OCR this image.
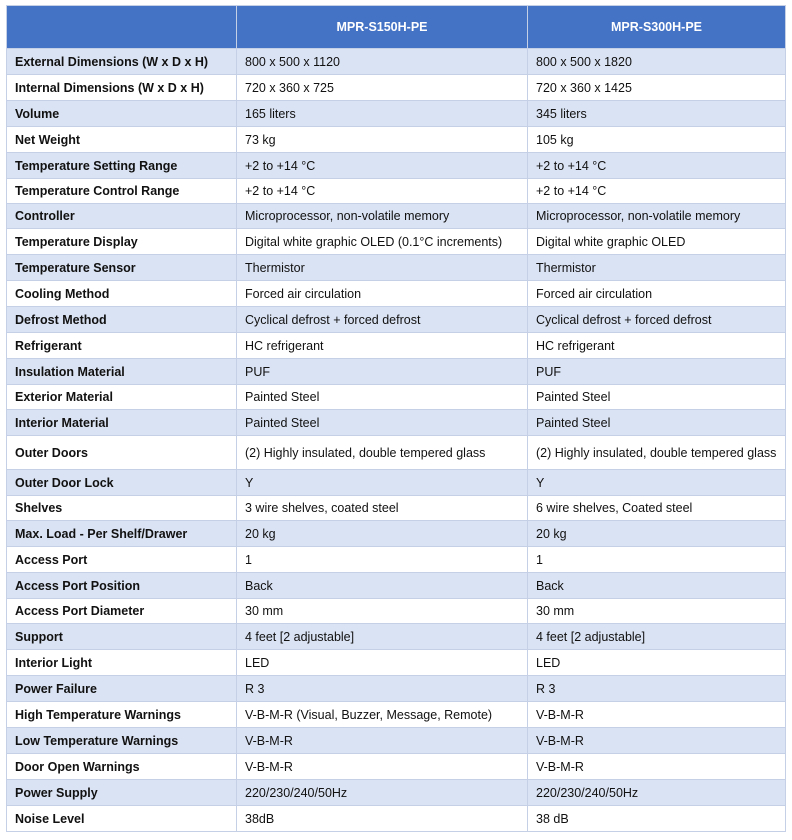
	MPR-S150H-PE	MPR-S300H-PE
External Dimensions (W x D x H)	800 x 500 x 1120	800 x 500 x 1820
Internal Dimensions (W x D x H)	720 x 360 x 725	720 x 360 x 1425
Volume	165 liters	345 liters
Net Weight	73 kg	105 kg
Temperature Setting Range	+2 to +14 °C	+2 to +14 °C
Temperature Control Range	+2 to +14 °C	+2 to +14 °C
Controller	Microprocessor, non-volatile memory	Microprocessor, non-volatile memory
Temperature Display	Digital white graphic OLED (0.1°C increments)	Digital white graphic OLED
Temperature Sensor	Thermistor	Thermistor
Cooling Method	Forced air circulation	Forced air circulation
Defrost Method	Cyclical defrost + forced defrost	Cyclical defrost + forced defrost
Refrigerant	HC refrigerant	HC refrigerant
Insulation Material	PUF	PUF
Exterior Material	Painted Steel	Painted Steel
Interior Material	Painted Steel	Painted Steel
Outer Doors	(2) Highly insulated, double tempered glass	(2) Highly insulated, double tempered glass
Outer Door Lock	Y	Y
Shelves	3 wire shelves, coated steel	6 wire shelves, Coated steel
Max. Load - Per Shelf/Drawer	20 kg	20 kg
Access Port	1	1
Access Port Position	Back	Back
Access Port Diameter	30 mm	30 mm
Support	4 feet [2 adjustable]	4 feet [2 adjustable]
Interior Light	LED	LED
Power Failure	R 3	R 3
High Temperature Warnings	V-B-M-R (Visual, Buzzer, Message, Remote)	V-B-M-R
Low Temperature Warnings	V-B-M-R	V-B-M-R
Door Open Warnings	V-B-M-R	V-B-M-R
Power Supply	220/230/240/50Hz	220/230/240/50Hz
Noise Level	38dB	38 dB
